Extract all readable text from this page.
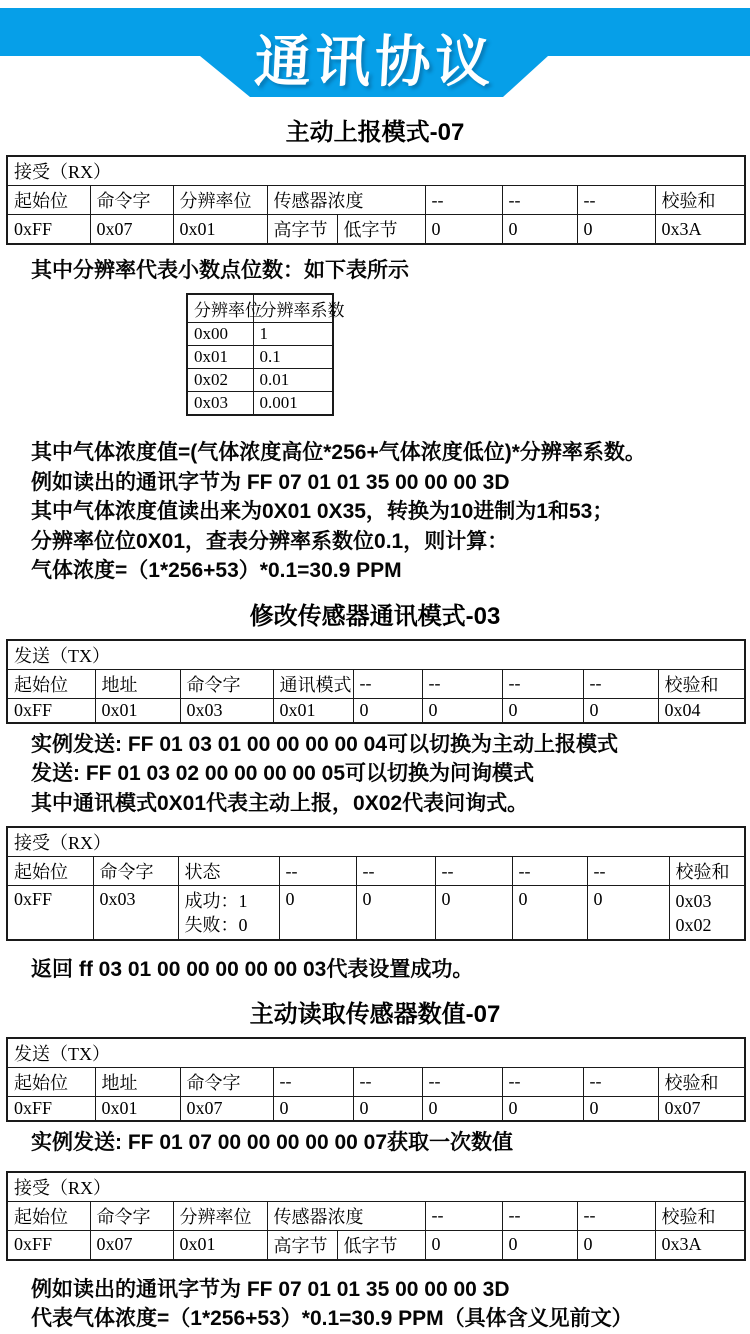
通讯协议
主动上报模式-07
接受（RX）								
起始位	命令字	分辨率位	传感器浓度		--	--	--	校验和
0xFF	0x07	0x01	高字节	低字节	0	0	0	0x3A

其中分辨率代表小数点位数：如下表所示

分辨率位	分辨率系数
0x00	1
0x01	0.1
0x02	0.01
0x03	0.001

其中气体浓度值=(气体浓度高位*256+气体浓度低位)*分辨率系数。

例如读出的通讯字节为 FF 07 01 01 35 00 00 00 3D

其中气体浓度值读出来为0X01 0X35，转换为10进制为1和53；

分辨率位位0X01，查表分辨率系数位0.1，则计算：

气体浓度=（1*256+53）*0.1=30.9 PPM

修改传感器通讯模式-03
发送（TX）								
起始位	地址	命令字	通讯模式	--	--	--	--	校验和
0xFF	0x01	0x03	0x01	0	0	0	0	0x04

实例发送: FF 01 03 01 00 00 00 00 04可以切换为主动上报模式

发送: FF 01 03 02 00 00 00 00 05可以切换为问询模式

其中通讯模式0X01代表主动上报，0X02代表问询式。

接受（RX）								
起始位	命令字	状态	--	--	--	--	--	校验和
0xFF	0x03	成功：1
失败：0
	0	0	0	0	0	0x03
0x02

返回 ff 03 01 00 00 00 00 00 03代表设置成功。

主动读取传感器数值-07
发送（TX）								
起始位	地址	命令字	--	--	--	--	--	校验和
0xFF	0x01	0x07	0	0	0	0	0	0x07

实例发送: FF 01 07 00 00 00 00 00 07获取一次数值

接受（RX）								
起始位	命令字	分辨率位	传感器浓度		--	--	--	校验和
0xFF	0x07	0x01	高字节	低字节	0	0	0	0x3A

例如读出的通讯字节为 FF 07 01 01 35 00 00 00 3D

代表气体浓度=（1*256+53）*0.1=30.9 PPM（具体含义见前文）
